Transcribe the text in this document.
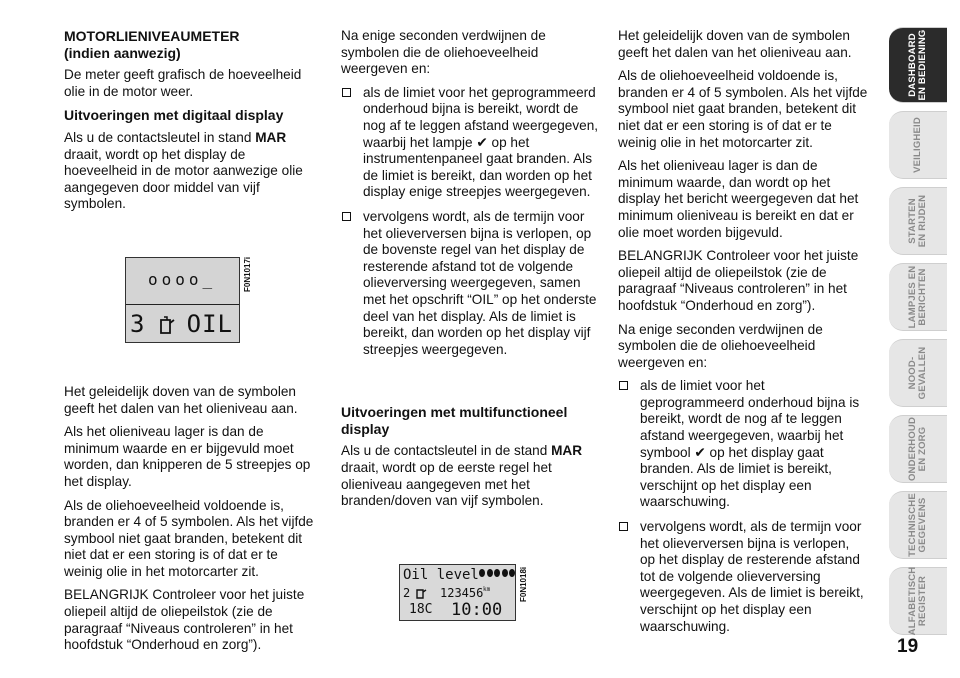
MOTORLIENIVEAUMETER
(indien aanwezig)

De meter geeft grafisch de hoeveelheid olie in de motor weer.

Uitvoeringen met digitaal display

Als u de contactsleutel in stand MAR draait, wordt op het display de hoeveelheid in de motor aanwezige olie aangegeven door middel van vijf symbolen.

Het geleidelijk doven van de symbolen geeft het dalen van het olieniveau aan.

Als het olieniveau lager is dan de minimum waarde en er bijgevuld moet worden, dan knipperen de 5 streepjes op het display.

Als de oliehoeveelheid voldoende is, branden er 4 of 5 symbolen. Als het vijfde symbool niet gaat branden, betekent dit niet dat er een storing is of dat er te weinig olie in het motorcarter zit.

BELANGRIJK Controleer voor het juiste oliepeil altijd de oliepeilstok (zie de paragraaf “Niveaus controleren” in het hoofdstuk “Onderhoud en zorg”).

oooo_
3 OIL
F0N1017i

Na enige seconden verdwijnen de symbolen die de oliehoeveelheid weergeven en:

als de limiet voor het geprogrammeerd onderhoud bijna is bereikt, wordt de nog af te leggen afstand weergegeven, waarbij het lampje ✔ op het instrumentenpaneel gaat branden. Als de limiet is bereikt, dan worden op het display enige streepjes weergegeven.

vervolgens wordt, als de termijn voor het olieverversen bijna is verlopen, op de bovenste regel van het display de resterende afstand tot de volgende olieverversing weergegeven, samen met het opschrift “OIL” op het onderste deel van het display. Als de limiet is bereikt, dan worden op het display vijf streepjes weergegeven.

Uitvoeringen met multifunctioneel display

Als u de contactsleutel in de stand MAR draait, wordt op de eerste regel het olieniveau aangegeven met het branden/doven van vijf symbolen.

Oil level
2 123456 km
18C 10:00
F0N1018i

Het geleidelijk doven van de symbolen geeft het dalen van het olieniveau aan.

Als de oliehoeveelheid voldoende is, branden er 4 of 5 symbolen. Als het vijfde symbool niet gaat branden, betekent dit niet dat er een storing is of dat er te weinig olie in het motorcarter zit.

Als het olieniveau lager is dan de minimum waarde, dan wordt op het display het bericht weergegeven dat het minimum olieniveau is bereikt en dat er olie moet worden bijgevuld.

BELANGRIJK Controleer voor het juiste oliepeil altijd de oliepeilstok (zie de paragraaf “Niveaus controleren” in het hoofdstuk “Onderhoud en zorg”).

Na enige seconden verdwijnen de symbolen die de oliehoeveelheid weergeven en:

als de limiet voor het geprogrammeerd onderhoud bijna is bereikt, wordt de nog af te leggen afstand weergegeven, waarbij het symbool ✔ op het display gaat branden. Als de limiet is bereikt, verschijnt op het display een waarschuwing.

vervolgens wordt, als de termijn voor het olieverversen bijna is verlopen, op het display de resterende afstand tot de volgende olieverversing weergegeven. Als de limiet is bereikt, verschijnt op het display een waarschuwing.

DASHBOARD
EN BEDIENING
VEILIGHEID
STARTEN
EN RIJDEN
LAMPJES EN
BERICHTEN
NOOD-
GEVALLEN
ONDERHOUD
EN ZORG
TECHNISCHE
GEGEVENS
ALFABETISCH
REGISTER
19
